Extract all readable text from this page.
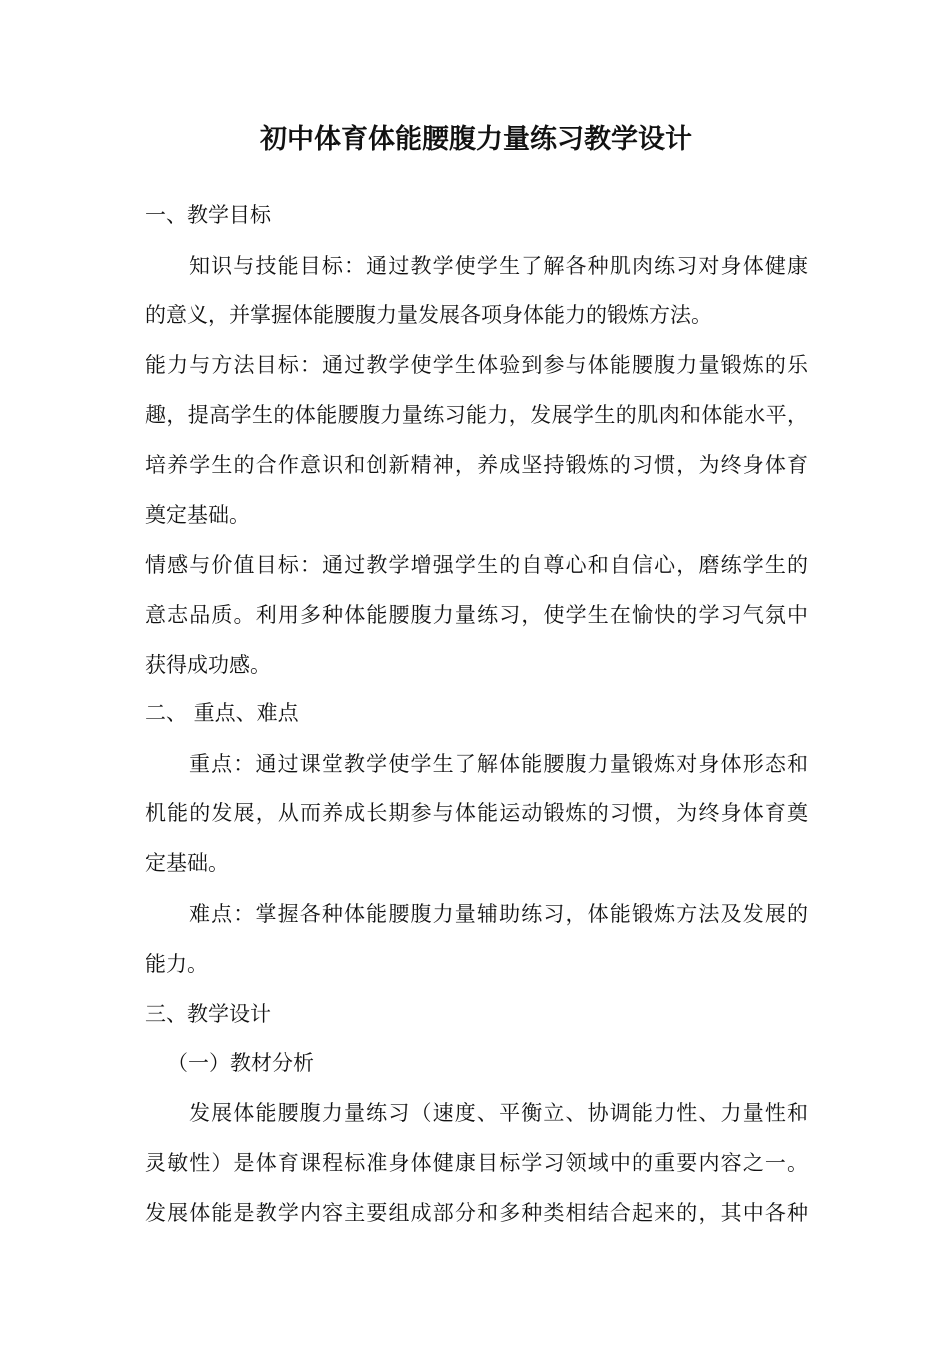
初中体育体能腰腹力量练习教学设计
一、教学目标
知识与技能目标：通过教学使学生了解各种肌肉练习对身体健康
的意义，并掌握体能腰腹力量发展各项身体能力的锻炼方法。
能力与方法目标：通过教学使学生体验到参与体能腰腹力量锻炼的乐
趣，提高学生的体能腰腹力量练习能力，发展学生的肌肉和体能水平，
培养学生的合作意识和创新精神，养成坚持锻炼的习惯，为终身体育
奠定基础。
情感与价值目标：通过教学增强学生的自尊心和自信心，磨练学生的
意志品质。利用多种体能腰腹力量练习，使学生在愉快的学习气氛中
获得成功感。
二、 重点、难点
重点：通过课堂教学使学生了解体能腰腹力量锻炼对身体形态和
机能的发展，从而养成长期参与体能运动锻炼的习惯，为终身体育奠
定基础。
难点：掌握各种体能腰腹力量辅助练习，体能锻炼方法及发展的
能力。
三、教学设计
（一）教材分析
发展体能腰腹力量练习（速度、平衡立、协调能力性、力量性和
灵敏性）是体育课程标准身体健康目标学习领域中的重要内容之一。
发展体能是教学内容主要组成部分和多种类相结合起来的，其中各种
